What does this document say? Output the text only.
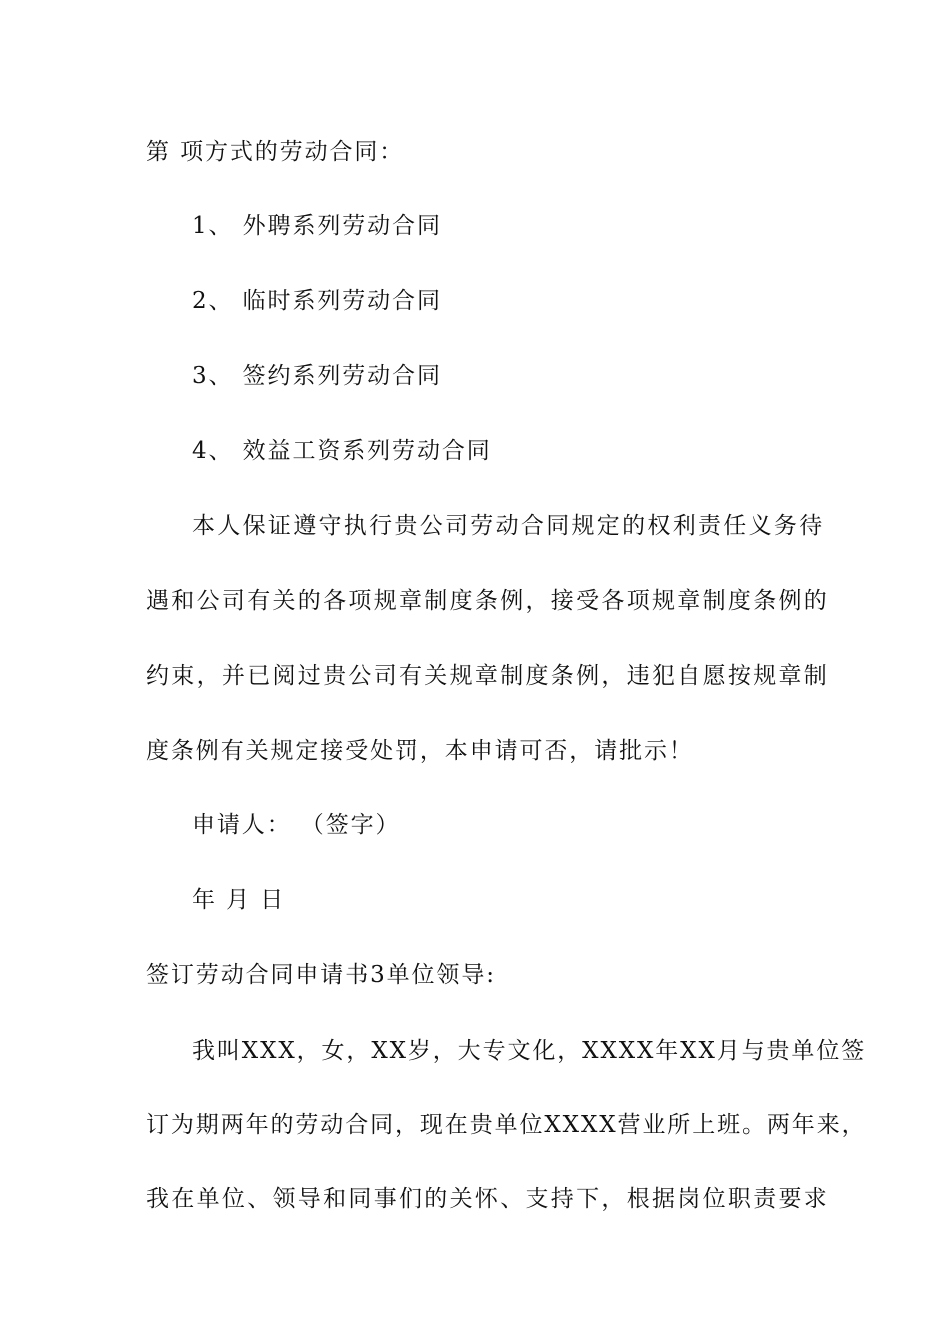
第 项方式的劳动合同：

1、 外聘系列劳动合同

2、 临时系列劳动合同

3、 签约系列劳动合同

4、 效益工资系列劳动合同

本人保证遵守执行贵公司劳动合同规定的权利责任义务待

遇和公司有关的各项规章制度条例，接受各项规章制度条例的

约束，并已阅过贵公司有关规章制度条例，违犯自愿按规章制

度条例有关规定接受处罚，本申请可否，请批示！

申请人： （签字）

年 月 日

签订劳动合同申请书3单位领导:

我叫XXX，女，XX岁，大专文化，XXXX年XX月与贵单位签

订为期两年的劳动合同，现在贵单位XXXX营业所上班。两年来，

我在单位、领导和同事们的关怀、支持下，根据岗位职责要求
